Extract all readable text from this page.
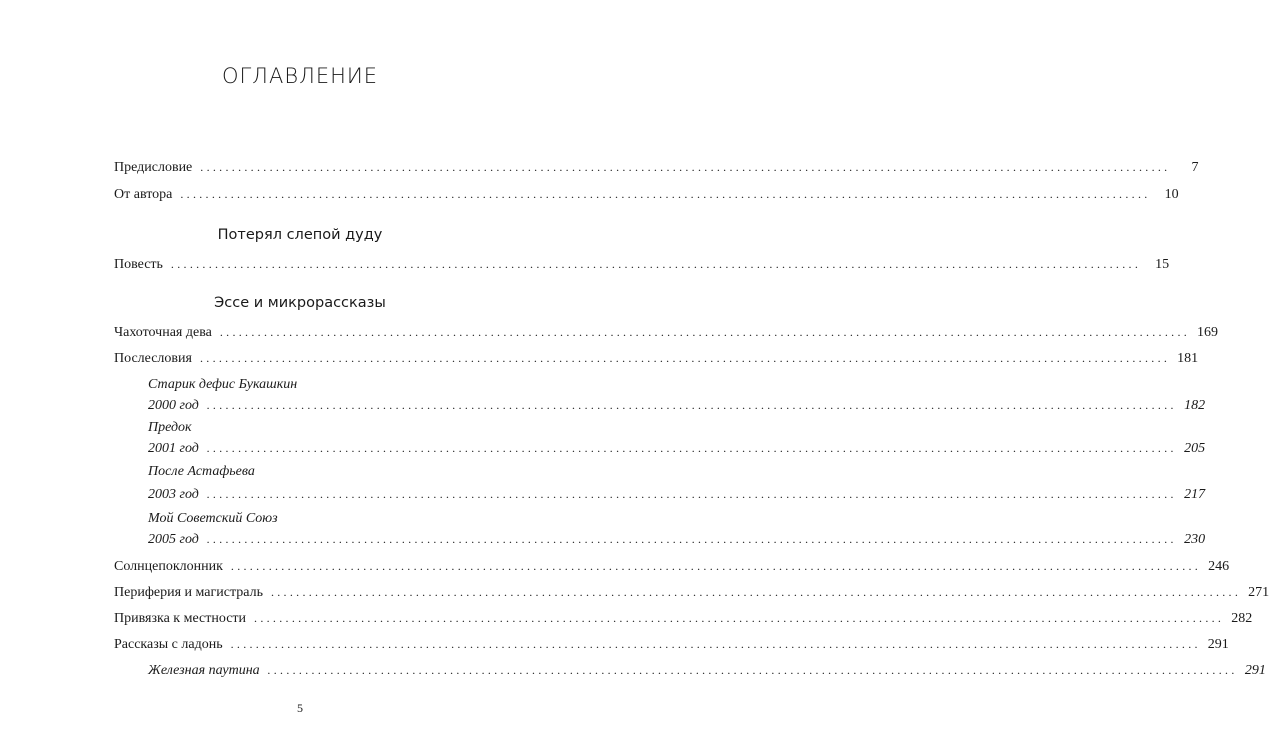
ОГЛАВЛЕНИЕ
Предисловие ..........................................................................................................................................................	7
От автора ..........................................................................................................................................................	10
Потерял слепой дуду
Повесть ..........................................................................................................................................................	15
Эссе и микрорассказы
Чахоточная дева .......................................................................................................................................................... 169
Послесловия .......................................................................................................................................................... 181
Старик дефис Букашкин
2000 год .......................................................................................................................................................... 182
Предок
2001 год .......................................................................................................................................................... 205
После Астафьева
2003 год .......................................................................................................................................................... 217
Мой Советский Союз
2005 год .......................................................................................................................................................... 230
Солнцепоклонник .......................................................................................................................................................... 246
Периферия и магистраль .......................................................................................................................................................... 271
Привязка к местности .......................................................................................................................................................... 282
Рассказы с ладонь .......................................................................................................................................................... 291
Железная паутина .......................................................................................................................................................... 291
5
